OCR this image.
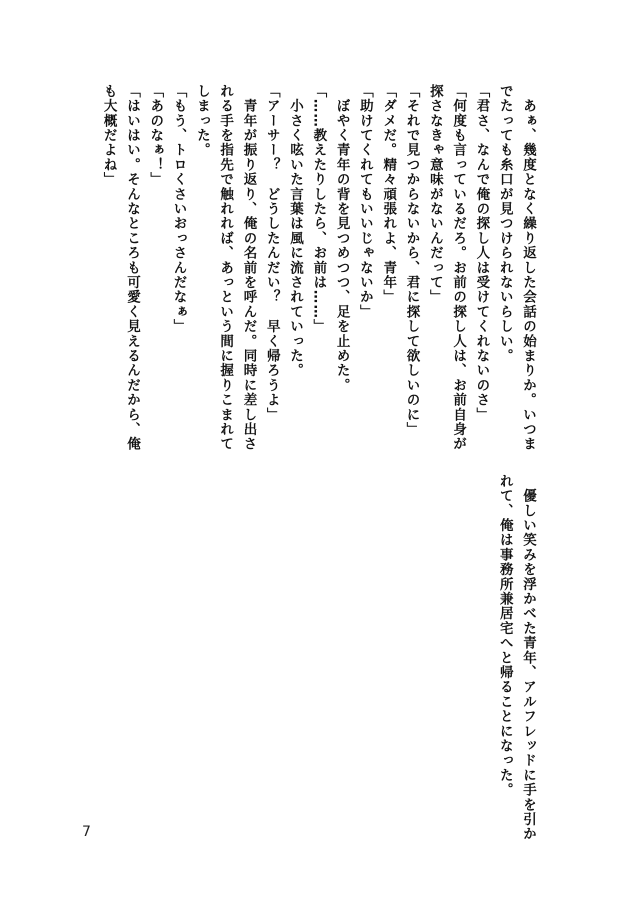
　あぁ、幾度となく繰り返した会話の始まりか。いつま

でたっても糸口が見つけられないらしい。

「君さ、なんで俺の探し人は受けてくれないのさ」

「何度も言っているだろ。お前の探し人は、お前自身が

探さなきゃ意味がないんだって」

「それで見つからないから、君に探して欲しいのに」

「ダメだ。精々頑張れよ、青年」

「助けてくれてもいいじゃないか」

　ぼやく青年の背を見つめつつ、足を止めた。

「……教えたりしたら、お前は……」

　小さく呟いた言葉は風に流されていった。

「アーサー？　どうしたんだい？　早く帰ろうよ」

　青年が振り返り、俺の名前を呼んだ。同時に差し出さ

れる手を指先で触れれば、あっという間に握りこまれて

しまった。

「もう、トロくさいおっさんだなぁ」

「あのなぁ！」

「はいはい。そんなところも可愛く見えるんだから、俺

も大概だよね」

　優しい笑みを浮かべた青年、アルフレッドに手を引か

れて、俺は事務所兼居宅へと帰ることになった。

7
